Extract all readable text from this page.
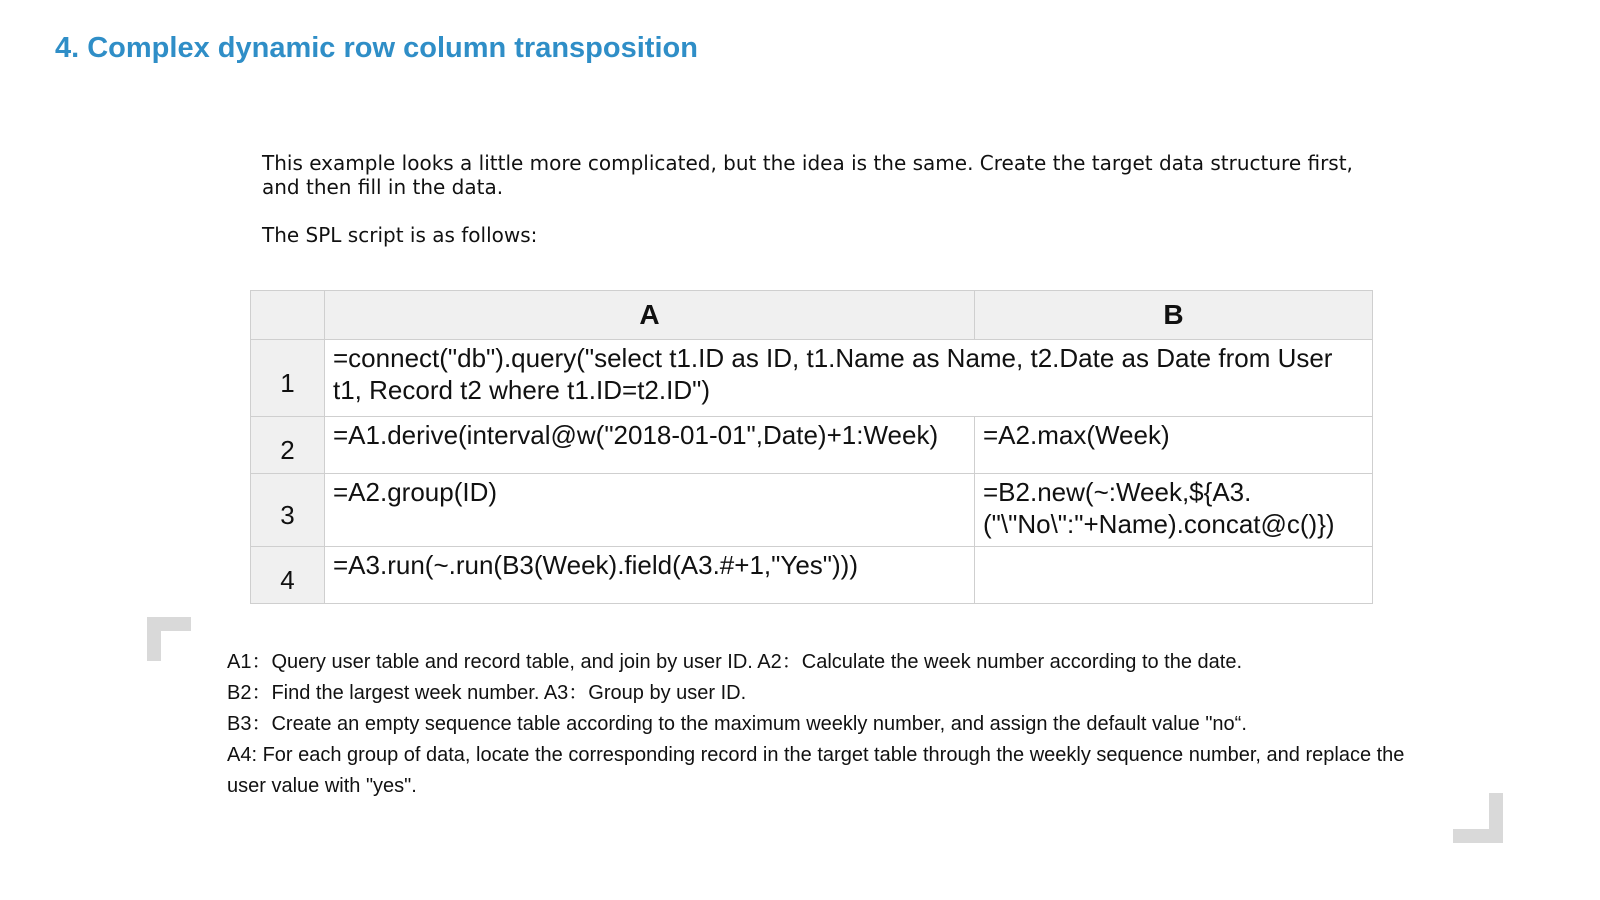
4. Complex dynamic row column transposition

This example looks a little more complicated, but the idea is the same. Create the target data structure first, and then fill in the data.

The SPL script is as follows:

	A	B
1	=connect("db").query("select t1.ID as ID, t1.Name as Name, t2.Date as Date from User t1, Record t2 where t1.ID=t2.ID")	
2	=A1.derive(interval@w("2018-01-01",Date)+1:Week)	=A2.max(Week)
3	=A2.group(ID)	=B2.new(~:Week,${A3.("\"No\":"+Name).concat@c()})
4	=A3.run(~.run(B3(Week).field(A3.#+1,"Yes")))	

A1：Query user table and record table, and join by user ID. A2：Calculate the week number according to the date.

B2：Find the largest week number. A3：Group by user ID.

B3：Create an empty sequence table according to the maximum weekly number, and assign the default value "no“.

A4: For each group of data, locate the corresponding record in the target table through the weekly sequence number, and replace the user value with "yes".
